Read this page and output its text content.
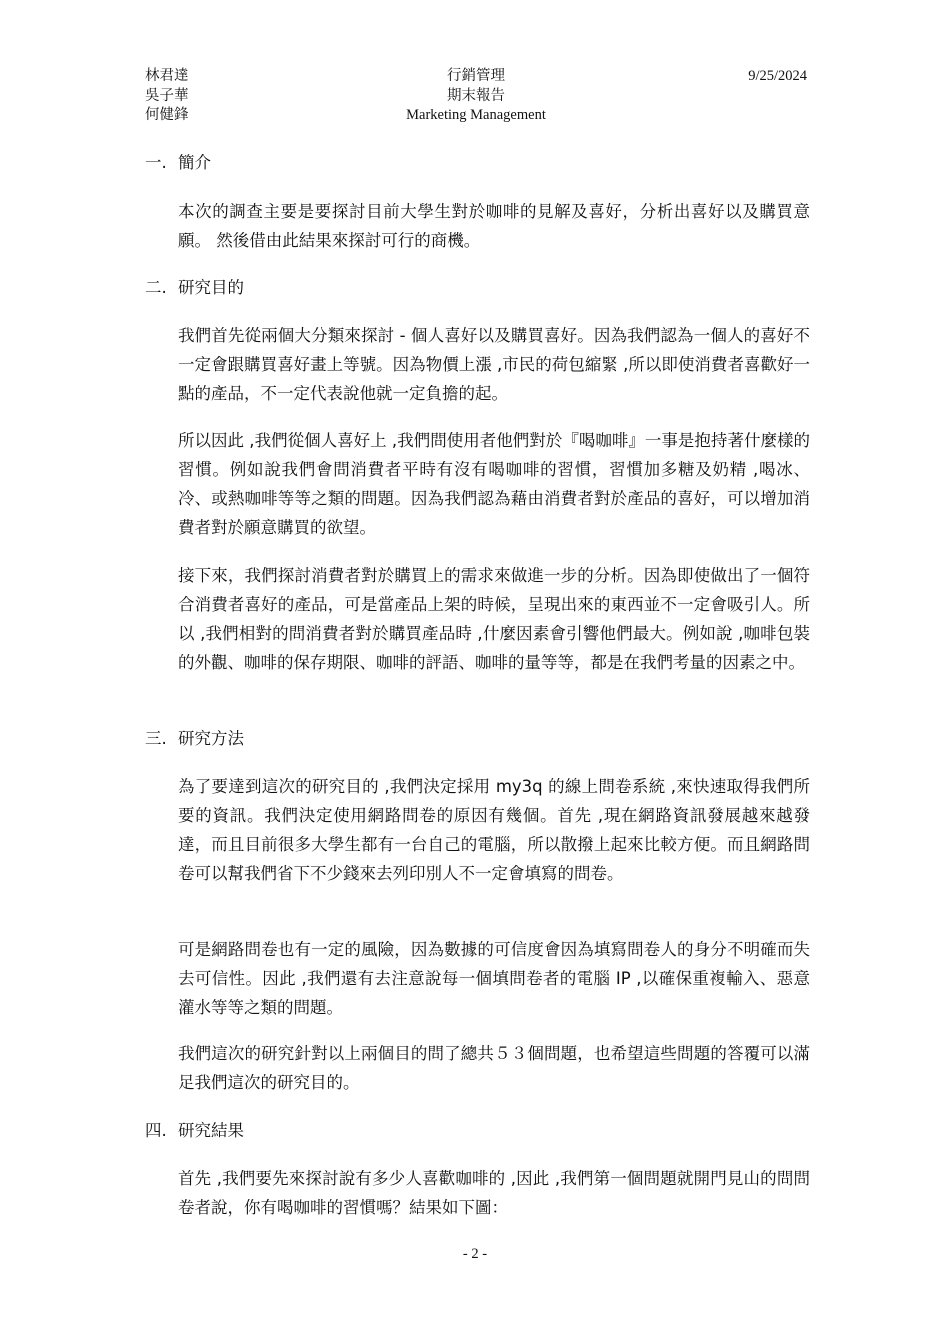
林君達
吳子華
何健鋒
行銷管理
期末報告
Marketing Management
9/25/2024
一. 簡介
本次的調查主要是要探討目前大學生對於咖啡的見解及喜好，分析出喜好以及購買意願。 然後借由此結果來探討可行的商機。
二. 研究目的
我們首先從兩個大分類來探討 - 個人喜好以及購買喜好。因為我們認為一個人的喜好不一定會跟購買喜好畫上等號。因為物價上漲 ,市民的荷包縮緊 ,所以即使消費者喜歡好一點的產品，不一定代表說他就一定負擔的起。
所以因此 ,我們從個人喜好上 ,我們問使用者他們對於『喝咖啡』一事是抱持著什麼樣的習慣。例如說我們會問消費者平時有沒有喝咖啡的習慣，習慣加多糖及奶精 ,喝冰、冷、或熱咖啡等等之類的問題。因為我們認為藉由消費者對於產品的喜好，可以增加消費者對於願意購買的欲望。
接下來，我們探討消費者對於購買上的需求來做進一步的分析。因為即使做出了一個符合消費者喜好的產品，可是當產品上架的時候，呈現出來的東西並不一定會吸引人。所以 ,我們相對的問消費者對於購買產品時 ,什麼因素會引響他們最大。例如說 ,咖啡包裝的外觀、咖啡的保存期限、咖啡的評語、咖啡的量等等，都是在我們考量的因素之中。
三. 研究方法
為了要達到這次的研究目的 ,我們決定採用 my3q 的線上問卷系統 ,來快速取得我們所要的資訊。我們決定使用網路問卷的原因有幾個。首先 ,現在網路資訊發展越來越發達，而且目前很多大學生都有一台自己的電腦，所以散撥上起來比較方便。而且網路問卷可以幫我們省下不少錢來去列印別人不一定會填寫的問卷。
可是網路問卷也有一定的風險，因為數據的可信度會因為填寫問卷人的身分不明確而失去可信性。因此 ,我們還有去注意說每一個填問卷者的電腦 IP ,以確保重複輸入、惡意灌水等等之類的問題。
我們這次的研究針對以上兩個目的問了總共５３個問題，也希望這些問題的答覆可以滿足我們這次的研究目的。
四. 研究結果
首先 ,我們要先來探討說有多少人喜歡咖啡的 ,因此 ,我們第一個問題就開門見山的問問卷者說，你有喝咖啡的習慣嗎？結果如下圖：
- 2 -
